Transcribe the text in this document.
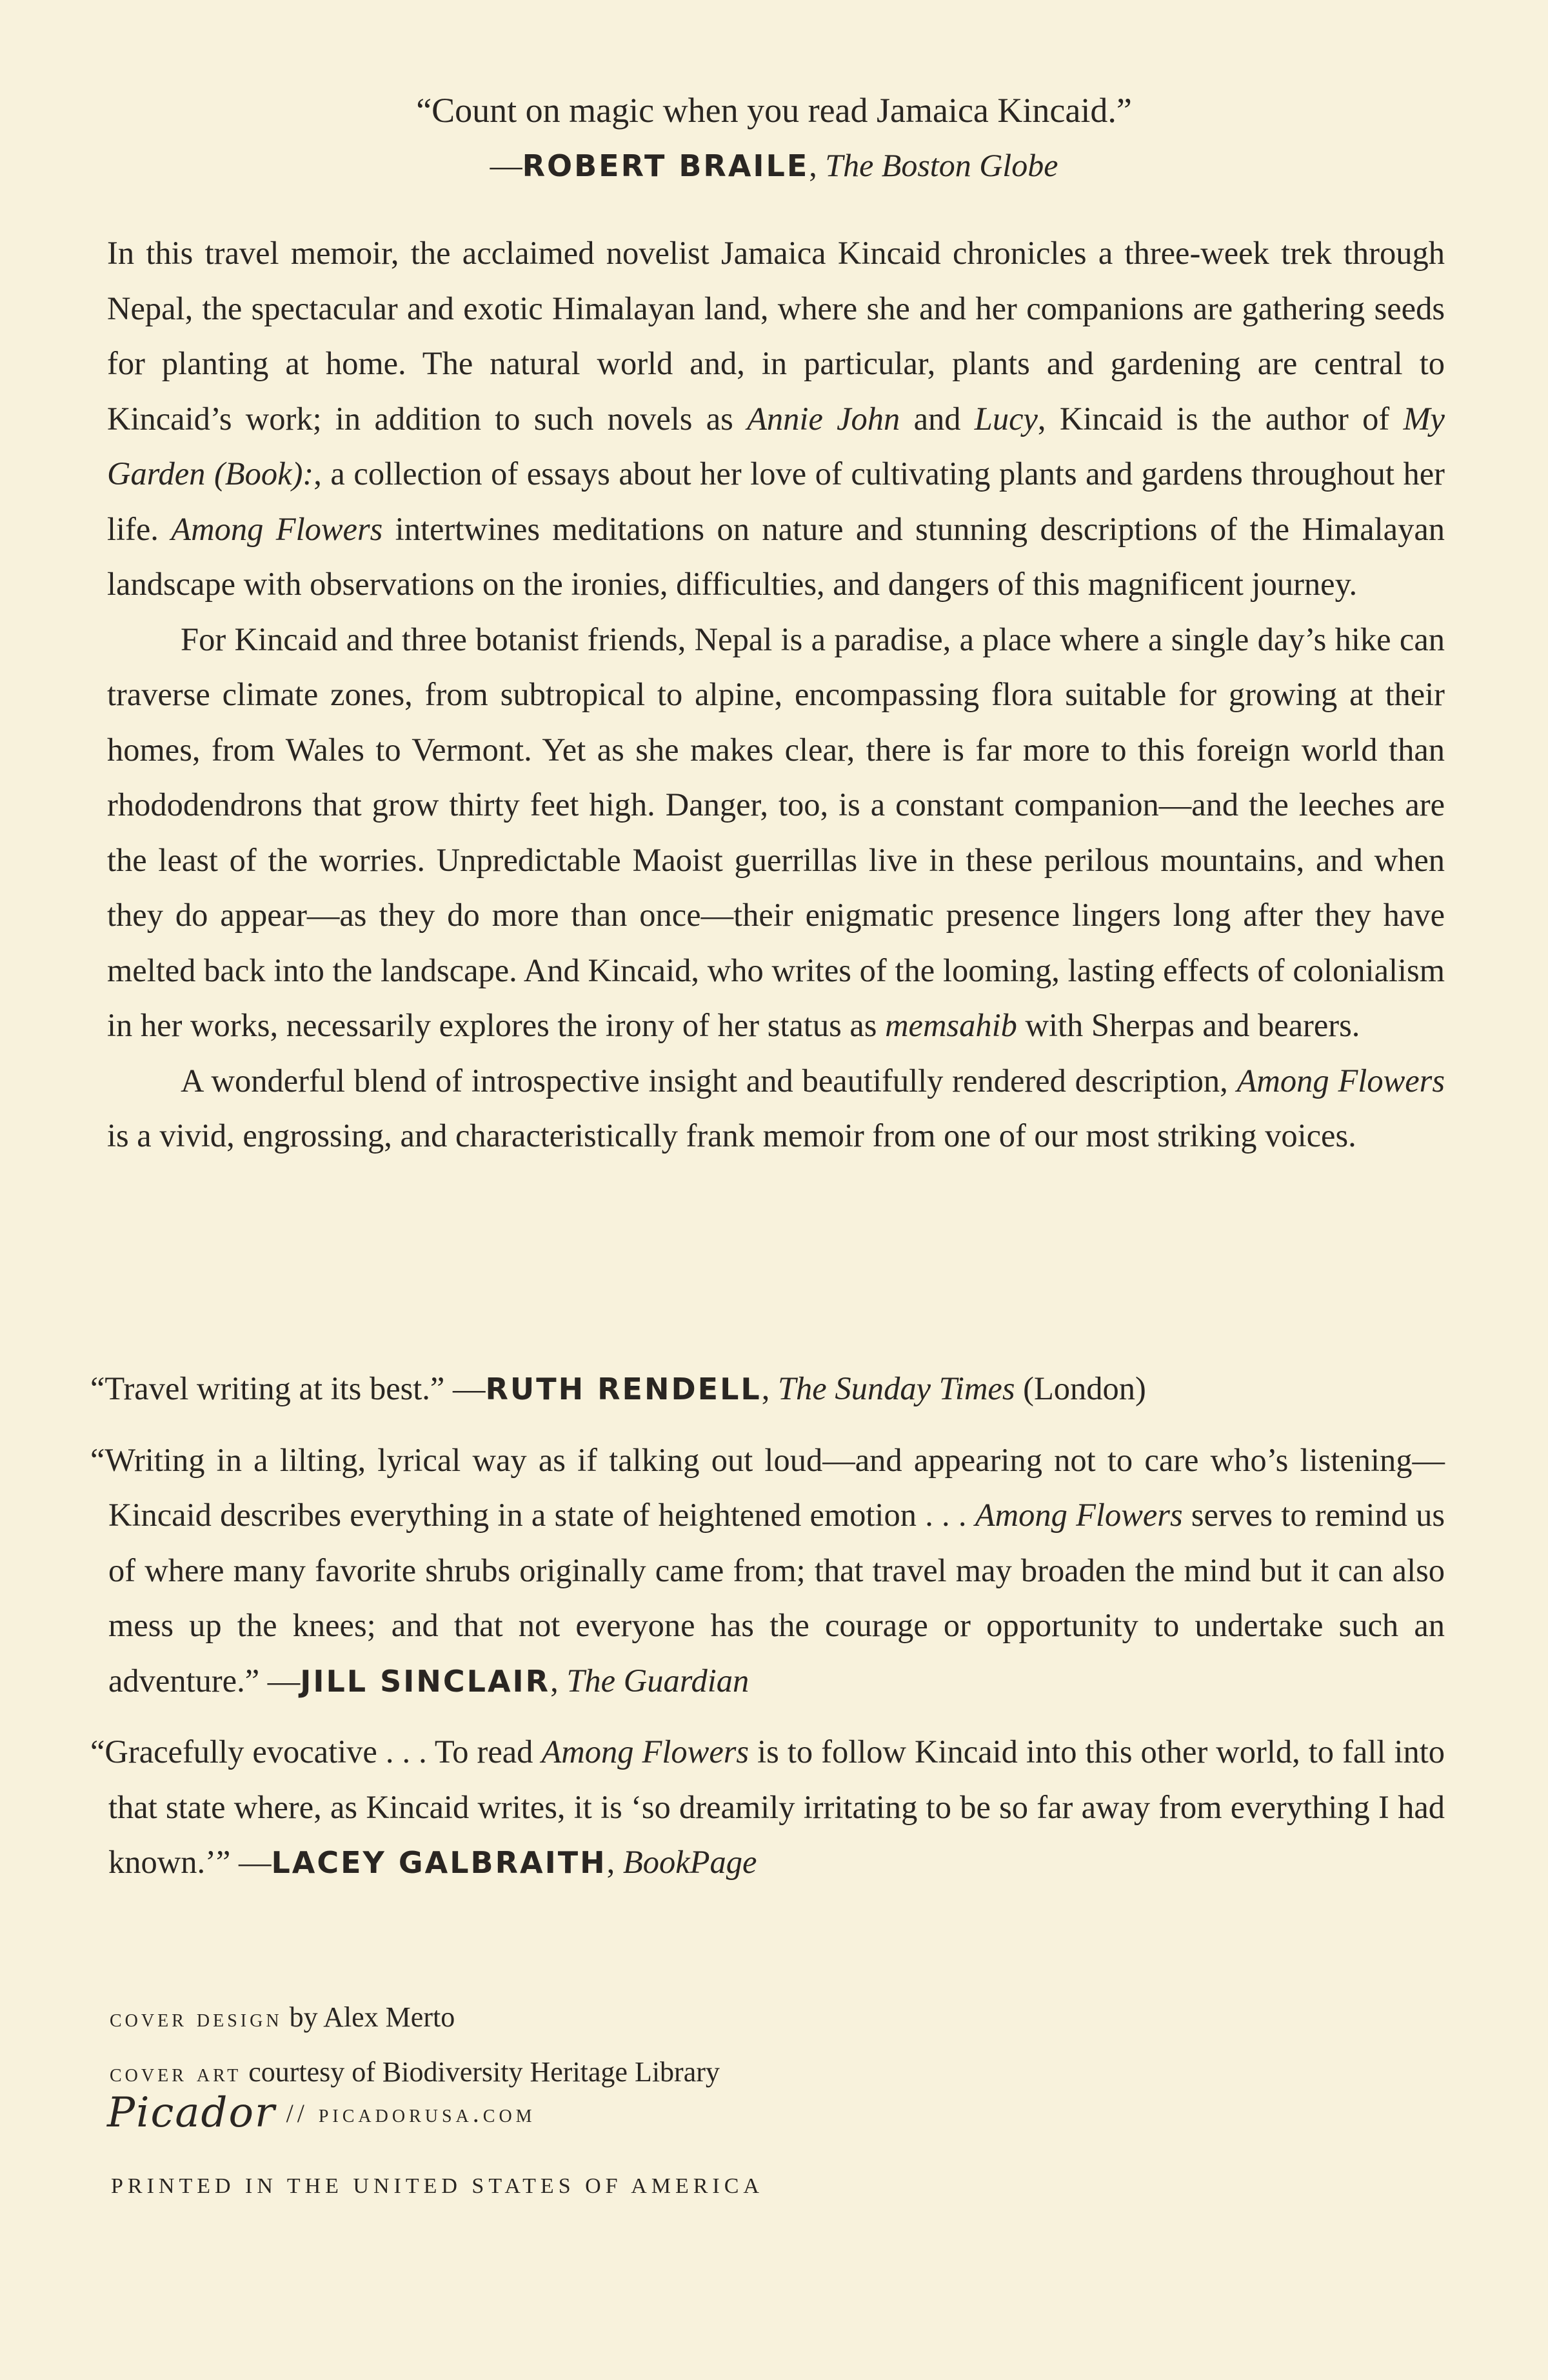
“Count on magic when you read Jamaica Kincaid.”
—ROBERT BRAILE, The Boston Globe

In this travel memoir, the acclaimed novelist Jamaica Kincaid chronicles a three-week trek through Nepal, the spectacular and exotic Himalayan land, where she and her companions are gathering seeds for planting at home. The natural world and, in particular, plants and gardening are central to Kincaid’s work; in addition to such novels as Annie John and Lucy, Kincaid is the author of My Garden (Book):, a collection of essays about her love of cultivating plants and gardens throughout her life. Among Flowers intertwines meditations on nature and stunning descriptions of the Himalayan landscape with observations on the ironies, difficulties, and dangers of this magnificent journey.

For Kincaid and three botanist friends, Nepal is a paradise, a place where a single day’s hike can traverse climate zones, from subtropical to alpine, encompassing flora suitable for growing at their homes, from Wales to Vermont. Yet as she makes clear, there is far more to this foreign world than rhododendrons that grow thirty feet high. Danger, too, is a constant companion—and the leeches are the least of the worries. Unpredictable Maoist guerrillas live in these perilous mountains, and when they do appear—as they do more than once—their enigmatic presence lingers long after they have melted back into the landscape. And Kincaid, who writes of the looming, lasting effects of colonialism in her works, necessarily explores the irony of her status as memsahib with Sherpas and bearers.

A wonderful blend of introspective insight and beautifully rendered description, Among Flowers is a vivid, engrossing, and characteristically frank memoir from one of our most striking voices.

“Travel writing at its best.” —RUTH RENDELL, The Sunday Times (London)

“Writing in a lilting, lyrical way as if talking out loud—and appearing not to care who’s listening—Kincaid describes everything in a state of heightened emotion . . . Among Flowers serves to remind us of where many favorite shrubs originally came from; that travel may broaden the mind but it can also mess up the knees; and that not everyone has the courage or opportunity to undertake such an adventure.” —JILL SINCLAIR, The Guardian

“Gracefully evocative . . . To read Among Flowers is to follow Kincaid into this other world, to fall into that state where, as Kincaid writes, it is ‘so dreamily irritating to be so far away from everything I had known.’” —LACEY GALBRAITH, BookPage

cover design by Alex Merto
cover art courtesy of Biodiversity Heritage Library
Picador // picadorusa.com
PRINTED IN THE UNITED STATES OF AMERICA
